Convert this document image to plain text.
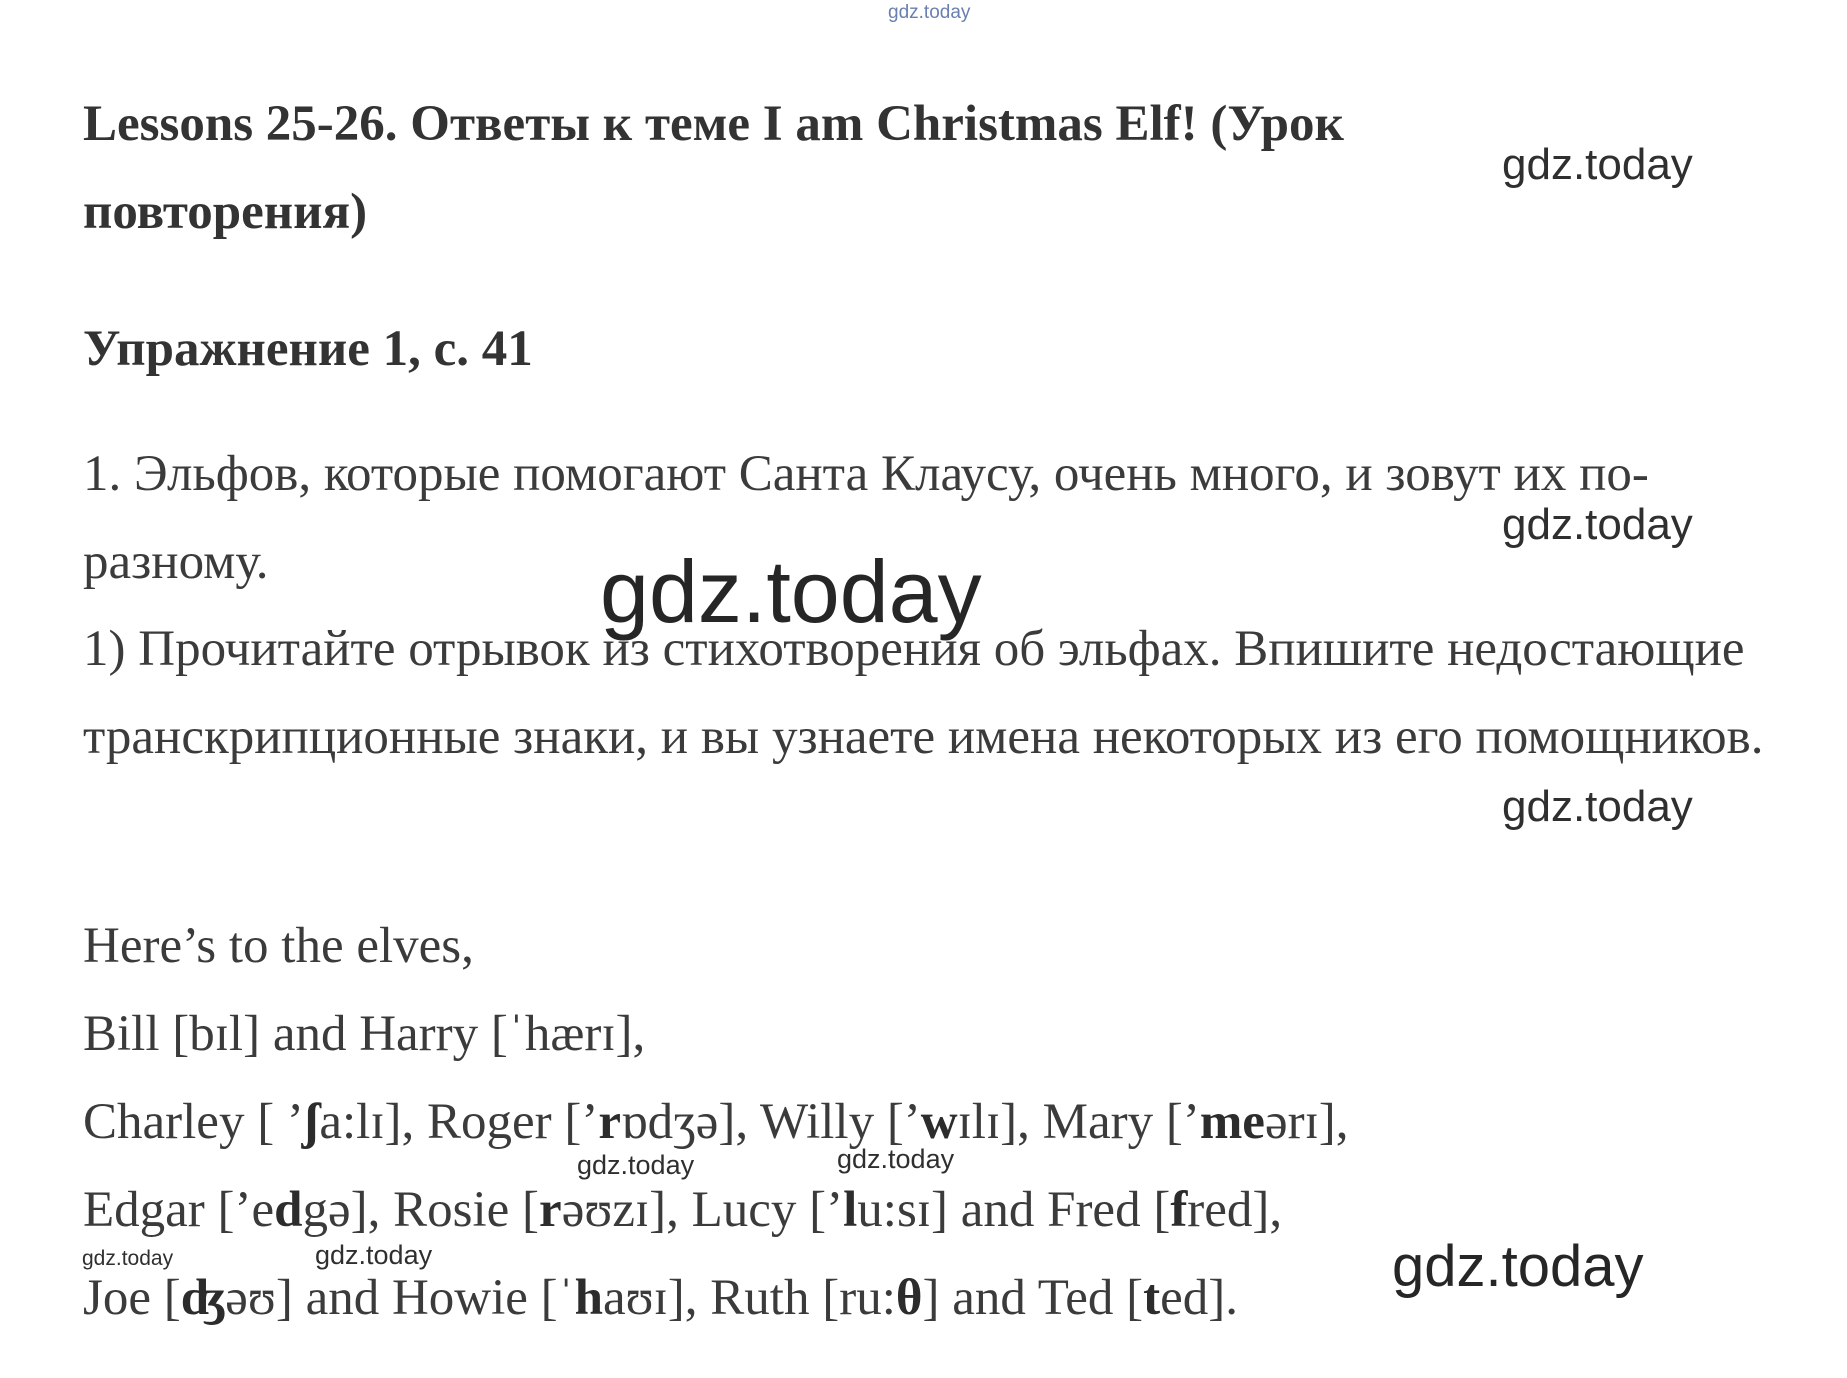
gdz.today
gdz.today
gdz.today
gdz.today
gdz.today
gdz.today	gdz.today
gdz.today	gdz.today	gdz.today
Lessons 25-26. Ответы к теме I am Christmas Elf! (Урок повторения)
Упражнение 1, с. 41

1. Эльфов, которые помогают Санта Клаусу, очень много, и зовут их по-разному.

1) Прочитайте отрывок из стихотворения об эльфах. Впишите недостающие транскрипционные знаки, и вы узнаете имена некоторых из его помощников.

Here’s to the elves,
Bill [bɪl] and Harry [ˈhærɪ],
Charley [ ’ʃa:lɪ], Roger [’rɒdʒə], Willy [’wɪlɪ], Mary [’meərɪ],
Edgar [’edgə], Rosie [rəʊzɪ], Lucy [’lu:sɪ] and Fred [fred],
Joe [ʤəʊ] and Howie [ˈhaʊɪ], Ruth [ru:θ] and Ted [ted].
